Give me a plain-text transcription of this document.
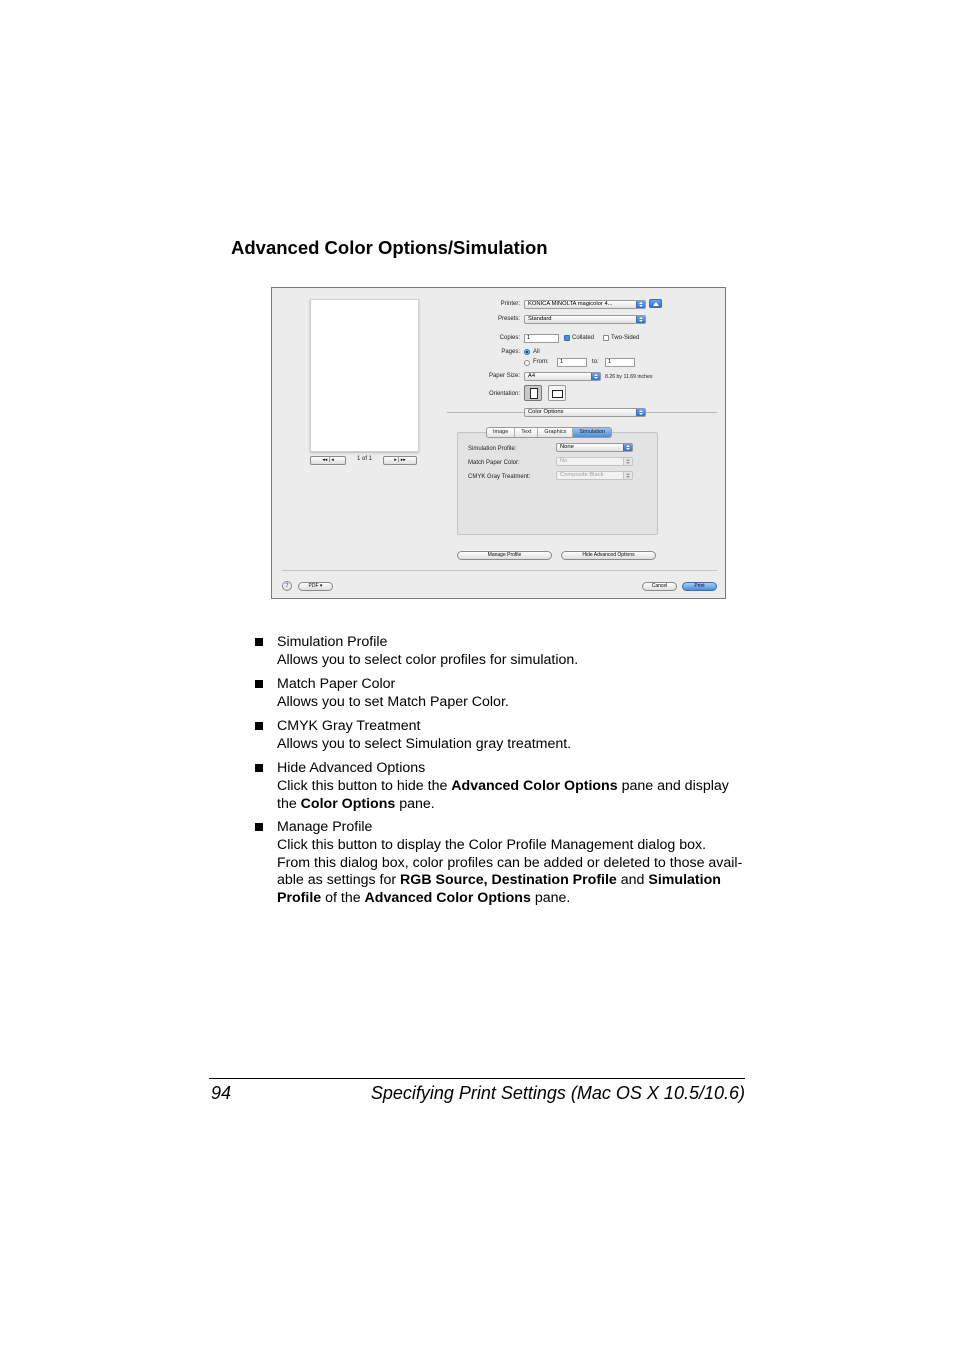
Advanced Color Options/Simulation
◂◂ | ◂	1 of 1	▸ | ▸▸
Printer:	KONICA MINOLTA magicolor 4...
Presets:	Standard
Copies:	1	Collated	Two-Sided
Pages: All
From:	1	to:	1
Paper Size:	A4	8.26 by 11.69 inches
Orientation:
Color Options
Image	Text	Graphics	Simulation
Simulation Profile:	None
Match Paper Color:	No
CMYK Gray Treatment:	Composite Black
Manage Profile	Hide Advanced Options
?	PDF ▾	Cancel	Print
Simulation Profile
Allows you to select color profiles for simulation.
Match Paper Color
Allows you to set Match Paper Color.
CMYK Gray Treatment
Allows you to select Simulation gray treatment.
Hide Advanced Options
Click this button to hide the Advanced Color Options pane and display
the Color Options pane.
Manage Profile
Click this button to display the Color Profile Management dialog box.
From this dialog box, color profiles can be added or deleted to those avail-
able as settings for RGB Source, Destination Profile and Simulation
Profile of the Advanced Color Options pane.
94	Specifying Print Settings (Mac OS X 10.5/10.6)
